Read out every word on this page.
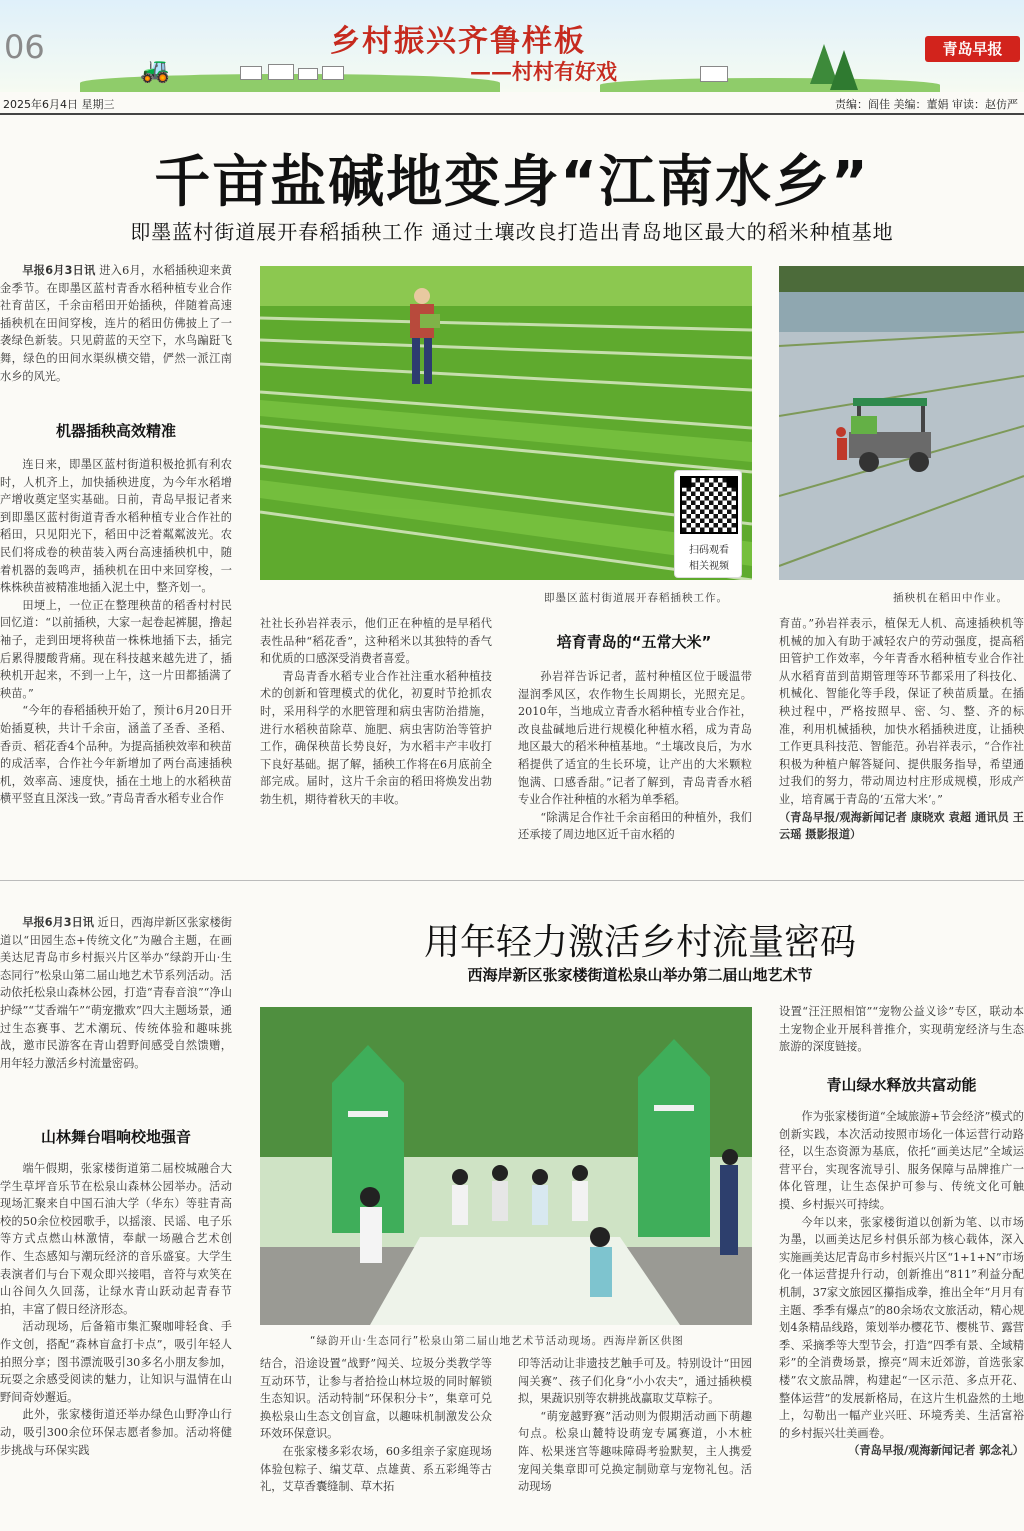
🚜
06	乡村振兴齐鲁样板
——村村有好戏
青岛早报
2025年6月4日 星期三	责编：阎佳 美编：董娟 审读：赵仿严
千亩盐碱地变身“江南水乡”
即墨蓝村街道展开春稻插秧工作 通过土壤改良打造出青岛地区最大的稻米种植基地

早报6月3日讯 进入6月，水稻插秧迎来黄金季节。在即墨区蓝村青香水稻种植专业合作社育苗区，千余亩稻田开始插秧，伴随着高速插秧机在田间穿梭，连片的稻田仿佛披上了一袭绿色新装。只见蔚蓝的天空下，水鸟蹁跹飞舞，绿色的田间水渠纵横交错，俨然一派江南水乡的风光。

机器插秧高效精准

连日来，即墨区蓝村街道积极抢抓有利农时，人机齐上，加快插秧进度，为今年水稻增产增收奠定坚实基础。日前，青岛早报记者来到即墨区蓝村街道青香水稻种植专业合作社的稻田，只见阳光下，稻田中泛着粼粼波光。农民们将成卷的秧苗装入两台高速插秧机中，随着机器的轰鸣声，插秧机在田中来回穿梭，一株株秧苗被精准地插入泥土中，整齐划一。

田埂上，一位正在整理秧苗的稻香村村民回忆道：“以前插秧，大家一起卷起裤腿，撸起袖子，走到田埂将秧苗一株株地插下去，插完后累得腰酸背痛。现在科技越来越先进了，插秧机开起来，不到一上午，这一片田都插满了秧苗。”

“今年的春稻插秧开始了，预计6月20日开始插夏秧，共计千余亩，涵盖了圣香、圣稻、香贡、稻花香4个品种。为提高插秧效率和秧苗的成活率，合作社今年新增加了两台高速插秧机，效率高、速度快，插在土地上的水稻秧苗横平竖直且深浅一致。”青岛青香水稻专业合作

扫码观看
相关视频
即墨区蓝村街道展开春稻插秧工作。	插秧机在稻田中作业。

社社长孙岩祥表示，他们正在种植的是早稻代表性品种“稻花香”，这种稻米以其独特的香气和优质的口感深受消费者喜爱。

青岛青香水稻专业合作社注重水稻种植技术的创新和管理模式的优化，初夏时节抢抓农时，采用科学的水肥管理和病虫害防治措施，进行水稻秧苗除草、施肥、病虫害防治等管护工作，确保秧苗长势良好，为水稻丰产丰收打下良好基础。据了解，插秧工作将在6月底前全部完成。届时，这片千余亩的稻田将焕发出勃勃生机，期待着秋天的丰收。

培育青岛的“五常大米”

孙岩祥告诉记者，蓝村种植区位于暖温带湿润季风区，农作物生长周期长，光照充足。2010年，当地成立青香水稻种植专业合作社，改良盐碱地后进行规模化种植水稻，成为青岛地区最大的稻米种植基地。“土壤改良后，为水稻提供了适宜的生长环境，让产出的大米颗粒饱满、口感香甜。”记者了解到，青岛青香水稻专业合作社种植的水稻为单季稻。

“除满足合作社千余亩稻田的种植外，我们还承接了周边地区近千亩水稻的

育苗。”孙岩祥表示，植保无人机、高速插秧机等机械的加入有助于减轻农户的劳动强度，提高稻田管护工作效率，今年青香水稻种植专业合作社从水稻育苗到苗期管理等环节都采用了科技化、机械化、智能化等手段，保证了秧苗质量。在插秧过程中，严格按照早、密、匀、整、齐的标准，利用机械插秧，加快水稻插秧进度，让插秧工作更具科技范、智能范。孙岩祥表示，“合作社积极为种植户解答疑问、提供服务指导，希望通过我们的努力，带动周边村庄形成规模，形成产业，培育属于青岛的‘五常大米’。”

（青岛早报/观海新闻记者 康晓欢 袁超 通讯员 王云瑶 摄影报道）

用年轻力激活乡村流量密码
西海岸新区张家楼街道松泉山举办第二届山地艺术节

早报6月3日讯 近日，西海岸新区张家楼街道以“田园生态+传统文化”为融合主题，在画美达尼青岛市乡村振兴片区举办“绿韵开山·生态同行”松泉山第二届山地艺术节系列活动。活动依托松泉山森林公园，打造“青春音浪”“净山护绿”“艾香端午”“萌宠撒欢”四大主题场景，通过生态赛事、艺术潮玩、传统体验和趣味挑战，邀市民游客在青山碧野间感受自然馈赠，用年轻力激活乡村流量密码。

山林舞台唱响校地强音

端午假期，张家楼街道第二届校城融合大学生草坪音乐节在松泉山森林公园举办。活动现场汇聚来自中国石油大学（华东）等驻青高校的50余位校园歌手，以摇滚、民谣、电子乐等方式点燃山林激情，奉献一场融合艺术创作、生态感知与潮玩经济的音乐盛宴。大学生表演者们与台下观众即兴接唱，音符与欢笑在山谷间久久回荡，让绿水青山跃动起青春节拍，丰富了假日经济形态。

活动现场，后备箱市集汇聚咖啡轻食、手作文创，搭配“森林盲盒打卡点”，吸引年轻人拍照分享；图书漂流吸引30多名小朋友参加，玩耍之余感受阅读的魅力，让知识与温情在山野间奇妙邂逅。

此外，张家楼街道还举办绿色山野净山行动，吸引300余位环保志愿者参加。活动将健步挑战与环保实践

“绿韵开山·生态同行”松泉山第二届山地艺术节活动现场。西海岸新区供图

结合，沿途设置“战野”闯关、垃圾分类教学等互动环节，让参与者拾捡山林垃圾的同时解锁生态知识。活动特制“环保积分卡”，集章可兑换松泉山生态文创盲盒，以趣味机制激发公众环效环保意识。

在张家楼多彩农场，60多组亲子家庭现场体验包粽子、编艾草、点雄黄、系五彩绳等古礼，艾草香囊缝制、草木拓

印等活动让非遗技艺触手可及。特别设计“田园闯关赛”、孩子们化身“小小农夫”，通过插秧模拟，果蔬识别等农耕挑战赢取艾草粽子。

“萌宠越野赛”活动则为假期活动画下萌趣句点。松泉山麓特设萌宠专属赛道，小木桩阵、松果迷宫等趣味障碍考验默契，主人携爱宠闯关集章即可兑换定制勋章与宠物礼包。活动现场

设置“汪汪照相馆”“宠物公益义诊”专区，联动本土宠物企业开展科普推介，实现萌宠经济与生态旅游的深度链接。

青山绿水释放共富动能

作为张家楼街道“全域旅游+节会经济”模式的创新实践，本次活动按照市场化一体运营行动路径，以生态资源为基底，依托“画美达尼”全域运营平台，实现客流导引、服务保障与品牌推广一体化管理，让生态保护可参与、传统文化可触摸、乡村振兴可持续。

今年以来，张家楼街道以创新为笔、以市场为墨，以画美达尼乡村俱乐部为核心载体，深入实施画美达尼青岛市乡村振兴片区“1+1+N”市场化一体运营提升行动，创新推出“811”利益分配机制，37家文旅园区攥指成拳，推出全年“月月有主题、季季有爆点”的80余场农文旅活动，精心规划4条精品线路，策划举办樱花节、樱桃节、露营季、采摘季等大型节会，打造“四季有景、全域精彩”的全消费场景，擦亮“周末近郊游，首选张家楼”农文旅品牌，构建起“一区示范、多点开花、整体运营”的发展新格局，在这片生机盎然的土地上，勾勒出一幅产业兴旺、环境秀美、生活富裕的乡村振兴壮美画卷。

（青岛早报/观海新闻记者 郭念礼）
